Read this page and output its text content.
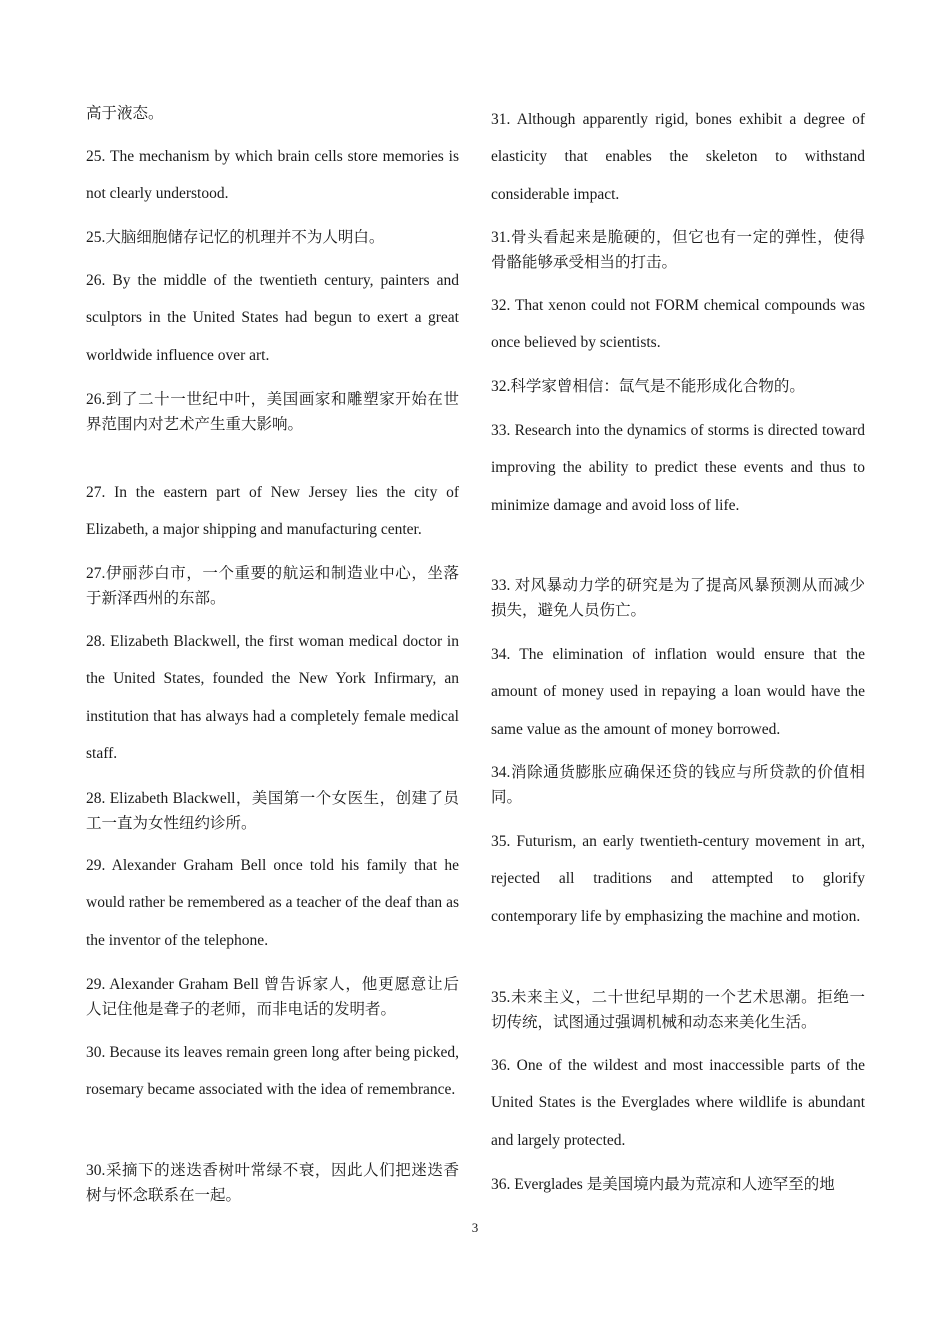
高于液态。

25. The mechanism by which brain cells store memories is not clearly understood.

25.大脑细胞储存记忆的机理并不为人明白。

26. By the middle of the twentieth century, painters and sculptors in the United States had begun to exert a great worldwide influence over art.

26.到了二十一世纪中叶，美国画家和雕塑家开始在世界范围内对艺术产生重大影响。

27. In the eastern part of New Jersey lies the city of Elizabeth, a major shipping and manufacturing center.

27.伊丽莎白市，一个重要的航运和制造业中心，坐落于新泽西州的东部。

28. Elizabeth Blackwell, the first woman medical doctor in the United States, founded the New York Infirmary, an institution that has always had a completely female medical staff.

28. Elizabeth Blackwell，美国第一个女医生，创建了员工一直为女性纽约诊所。

29. Alexander Graham Bell once told his family that he would rather be remembered as a teacher of the deaf than as the inventor of the telephone.

29. Alexander Graham Bell 曾告诉家人，他更愿意让后人记住他是聋子的老师，而非电话的发明者。

30. Because its leaves remain green long after being picked, rosemary became associated with the idea of remembrance.

30.采摘下的迷迭香树叶常绿不衰，因此人们把迷迭香树与怀念联系在一起。

31. Although apparently rigid, bones exhibit a degree of elasticity that enables the skeleton to withstand considerable impact.

31.骨头看起来是脆硬的，但它也有一定的弹性，使得骨骼能够承受相当的打击。

32. That xenon could not FORM chemical compounds was once believed by scientists.

32.科学家曾相信：氙气是不能形成化合物的。

33. Research into the dynamics of storms is directed toward improving the ability to predict these events and thus to minimize damage and avoid loss of life.

33. 对风暴动力学的研究是为了提高风暴预测从而减少损失，避免人员伤亡。

34. The elimination of inflation would ensure that the amount of money used in repaying a loan would have the same value as the amount of money borrowed.

34.消除通货膨胀应确保还贷的钱应与所贷款的价值相同。

35. Futurism, an early twentieth-century movement in art, rejected all traditions and attempted to glorify contemporary life by emphasizing the machine and motion.

35.未来主义，二十世纪早期的一个艺术思潮。拒绝一切传统，试图通过强调机械和动态来美化生活。

36. One of the wildest and most inaccessible parts of the United States is the Everglades where wildlife is abundant and largely protected.

36. Everglades 是美国境内最为荒凉和人迹罕至的地

3
